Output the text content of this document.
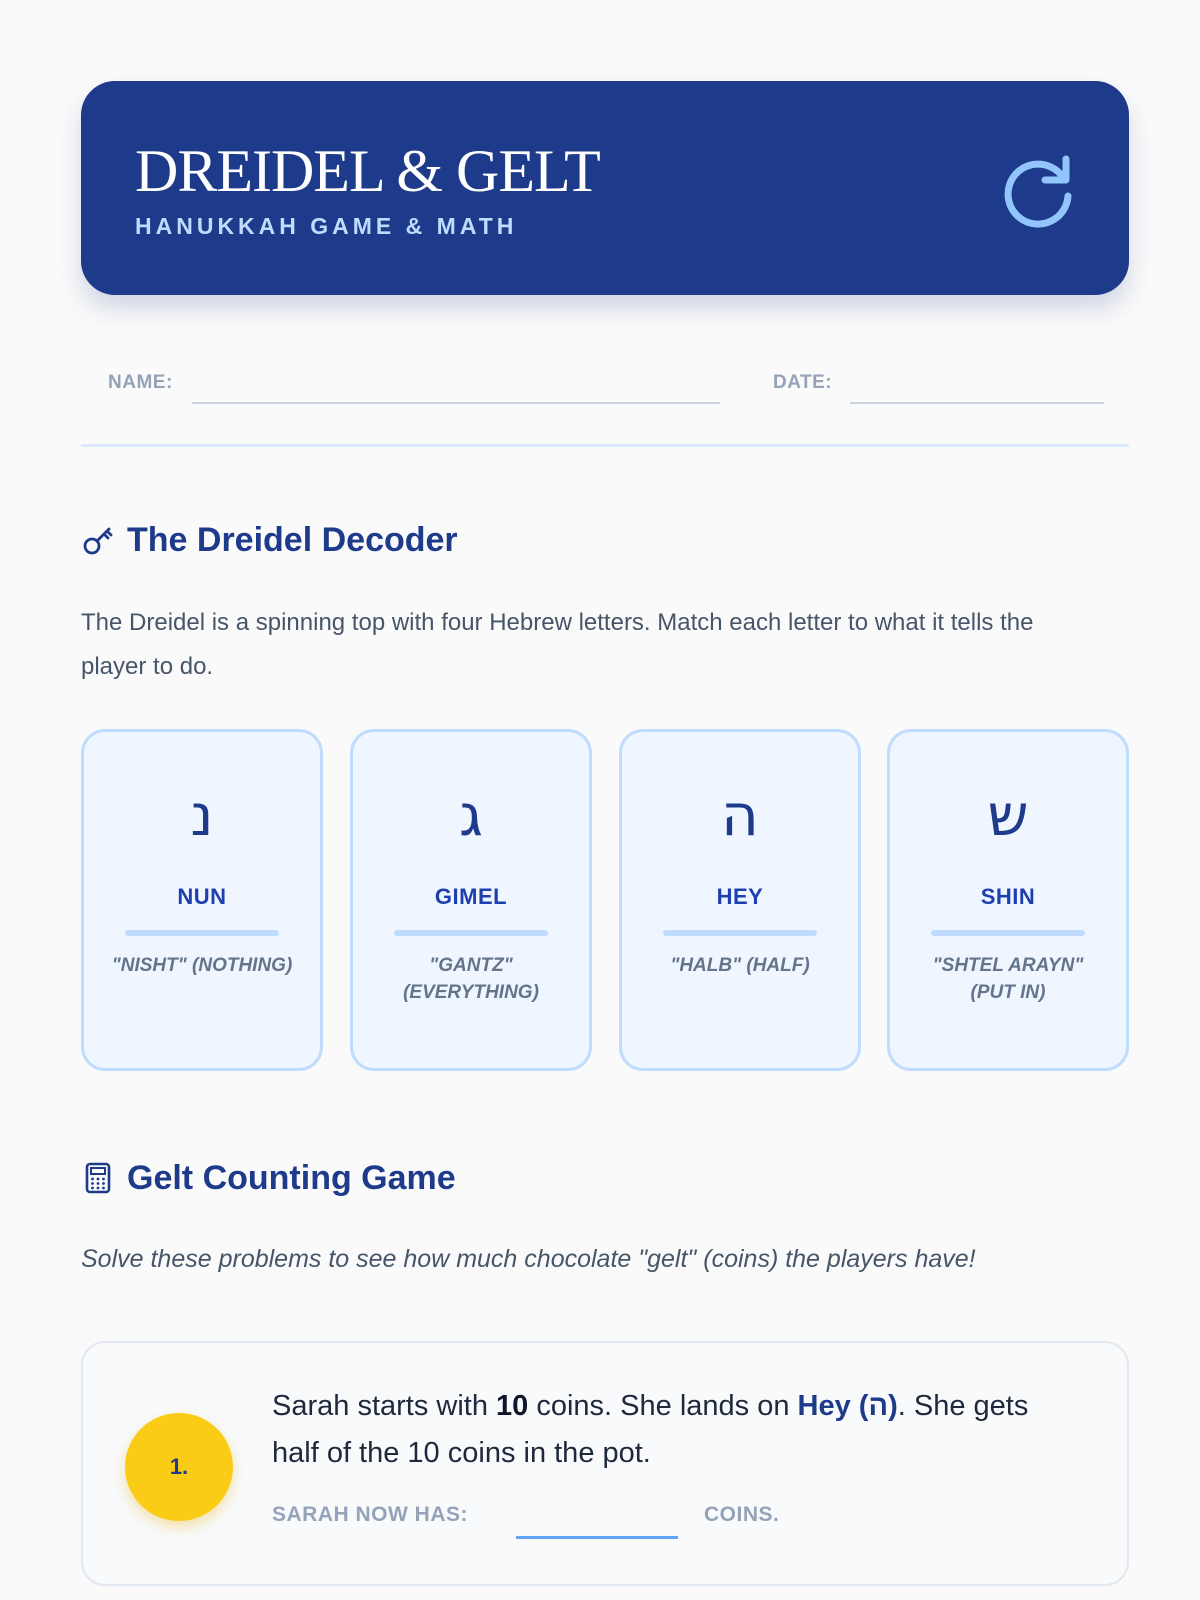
DREIDEL & GELT
HANUKKAH GAME & MATH
NAME:	DATE:
The Dreidel Decoder
The Dreidel is a spinning top with four Hebrew letters. Match each letter to what it tells the player to do.
נ
NUN
"NISHT" (NOTHING)
ג
GIMEL
"GANTZ" (EVERYTHING)
ה
HEY
"HALB" (HALF)
ש
SHIN
"SHTEL ARAYN" (PUT IN)
Gelt Counting Game
Solve these problems to see how much chocolate "gelt" (coins) the players have!
1.
Sarah starts with 10 coins. She lands on Hey (ה). She gets half of the 10 coins in the pot.
SARAH NOW HAS:	COINS.
